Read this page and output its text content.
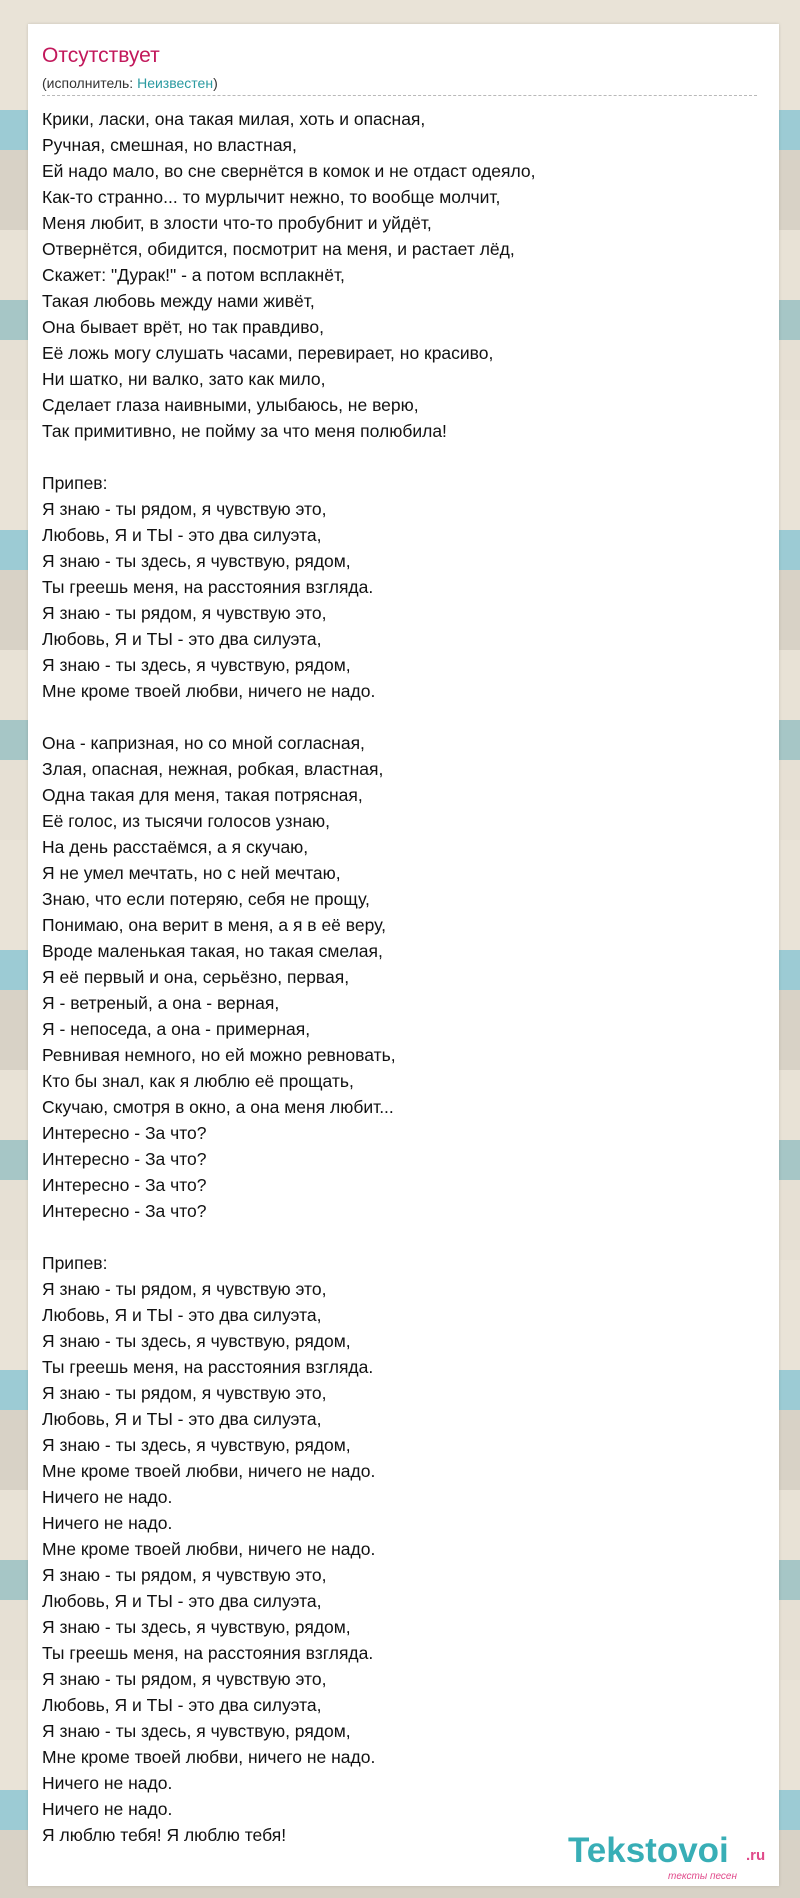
Отсутствует
(исполнитель: Неизвестен)
Крики, ласки, она такая милая, хоть и опасная,
Ручная, смешная, но властная,
Ей надо мало, во сне свернётся в комок и не отдаст одеяло,
Как-то странно... то мурлычит нежно, то вообще молчит,
Меня любит, в злости что-то пробубнит и уйдёт,
Отвернётся, обидится, посмотрит на меня, и растает лёд,
Скажет: "Дурак!" - а потом всплакнёт,
Такая любовь между нами живёт,
Она бывает врёт, но так правдиво,
Её ложь могу слушать часами, перевирает, но красиво,
Ни шатко, ни валко, зато как мило,
Сделает глаза наивными, улыбаюсь, не верю,
Так примитивно, не пойму за что меня полюбила!
Припев:
Я знаю - ты рядом, я чувствую это,
Любовь, Я и ТЫ - это два силуэта,
Я знаю - ты здесь, я чувствую, рядом,
Ты греешь меня, на расстояния взгляда.
Я знаю - ты рядом, я чувствую это,
Любовь, Я и ТЫ - это два силуэта,
Я знаю - ты здесь, я чувствую, рядом,
Мне кроме твоей любви, ничего не надо.
Она - капризная, но со мной согласная,
Злая, опасная, нежная, робкая, властная,
Одна такая для меня, такая потрясная,
Её голос, из тысячи голосов узнаю,
На день расстаёмся, а я скучаю,
Я не умел мечтать, но с ней мечтаю,
Знаю, что если потеряю, себя не прощу,
Понимаю, она верит в меня, а я в её веру,
Вроде маленькая такая, но такая смелая,
Я её первый и она, серьёзно, первая,
Я - ветреный, а она - верная,
Я - непоседа, а она - примерная,
Ревнивая немного, но ей можно ревновать,
Кто бы знал, как я люблю её прощать,
Скучаю, смотря в окно, а она меня любит...
Интересно - За что?
Интересно - За что?
Интересно - За что?
Интересно - За что?
Припев:
Я знаю - ты рядом, я чувствую это,
Любовь, Я и ТЫ - это два силуэта,
Я знаю - ты здесь, я чувствую, рядом,
Ты греешь меня, на расстояния взгляда.
Я знаю - ты рядом, я чувствую это,
Любовь, Я и ТЫ - это два силуэта,
Я знаю - ты здесь, я чувствую, рядом,
Мне кроме твоей любви, ничего не надо.
Ничего не надо.
Ничего не надо.
Мне кроме твоей любви, ничего не надо.
Я знаю - ты рядом, я чувствую это,
Любовь, Я и ТЫ - это два силуэта,
Я знаю - ты здесь, я чувствую, рядом,
Ты греешь меня, на расстояния взгляда.
Я знаю - ты рядом, я чувствую это,
Любовь, Я и ТЫ - это два силуэта,
Я знаю - ты здесь, я чувствую, рядом,
Мне кроме твоей любви, ничего не надо.
Ничего не надо.
Ничего не надо.
Я люблю тебя! Я люблю тебя!	Tekstovoi .ru
тексты песен
